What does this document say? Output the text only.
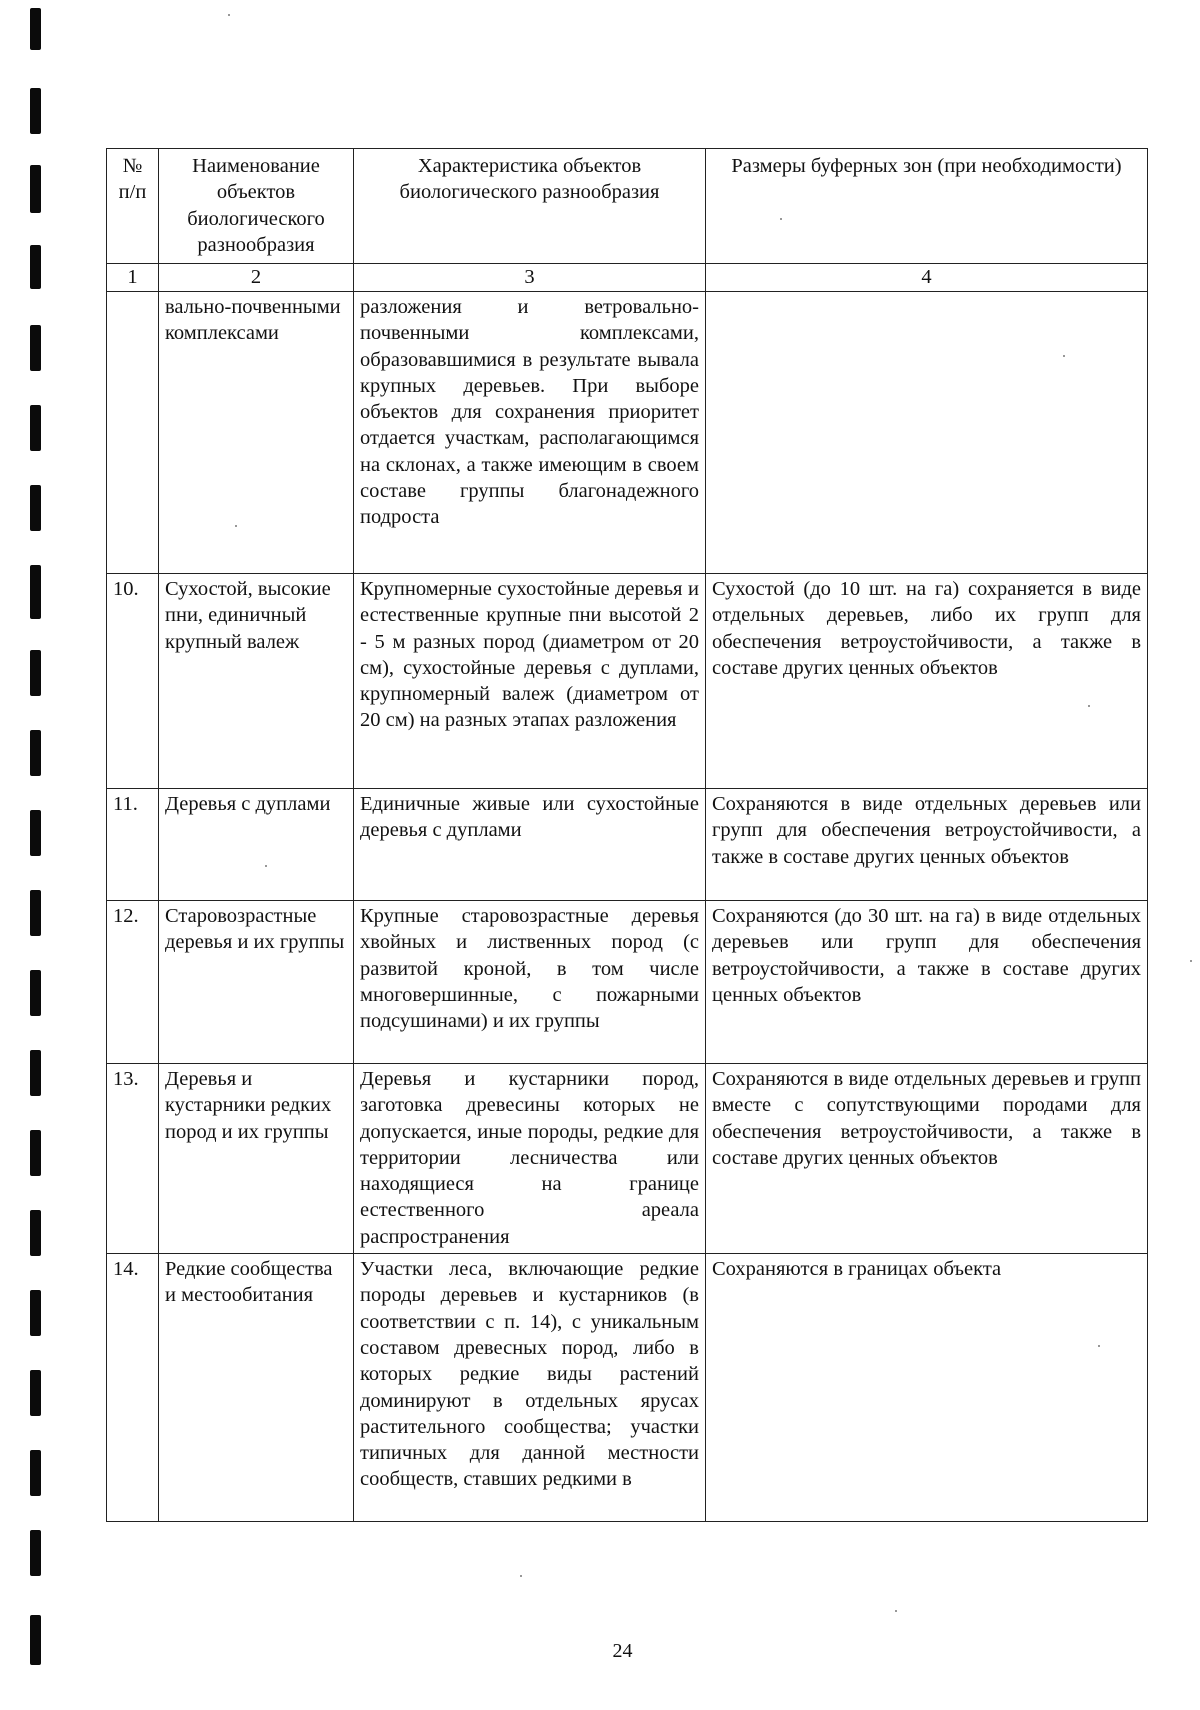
№ п/п	Наименование объектов биологического разнообразия	Характеристика объектов биологического разнообразия	Размеры буферных зон (при необходимости)
1	2	3	4
	вально-почвенными комплексами	разложения и ветровально-почвенными комплексами, образовавшимися в результате вывала крупных деревьев. При выборе объектов для сохранения приоритет отдается участкам, располагающимся на склонах, а также имеющим в своем составе группы благонадежного подроста	
10.	Сухостой, высокие пни, единичный крупный валеж	Крупномерные сухостойные деревья и естественные крупные пни высотой 2 - 5 м разных пород (диаметром от 20 см), сухостойные деревья с дуплами, крупномерный валеж (диаметром от 20 см) на разных этапах разложения	Сухостой (до 10 шт. на га) сохраняется в виде отдельных деревьев, либо их групп для обеспечения ветроустойчивости, а также в составе других ценных объектов
11.	Деревья с дуплами	Единичные живые или сухостойные деревья с дуплами	Сохраняются в виде отдельных деревьев или групп для обеспечения ветроустойчивости, а также в составе других ценных объектов
12.	Старовозрастные деревья и их группы	Крупные старовозрастные деревья хвойных и лиственных пород (с развитой кроной, в том числе многовершинные, с пожарными подсушинами) и их группы	Сохраняются (до 30 шт. на га) в виде отдельных деревьев или групп для обеспечения ветроустойчивости, а также в составе других ценных объектов
13.	Деревья и кустарники редких пород и их группы	Деревья и кустарники пород, заготовка древесины которых не допускается, иные породы, редкие для территории лесничества или находящиеся на границе естественного ареала распространения	Сохраняются в виде отдельных деревьев и групп вместе с сопутствующими породами для обеспечения ветроустойчивости, а также в составе других ценных объектов
14.	Редкие сообщества и местообитания	Участки леса, включающие редкие породы деревьев и кустарников (в соответствии с п. 14), с уникальным составом древесных пород, либо в которых редкие виды растений доминируют в отдельных ярусах растительного сообщества; участки типичных для данной местности сообществ, ставших редкими в	Сохраняются в границах объекта
24
